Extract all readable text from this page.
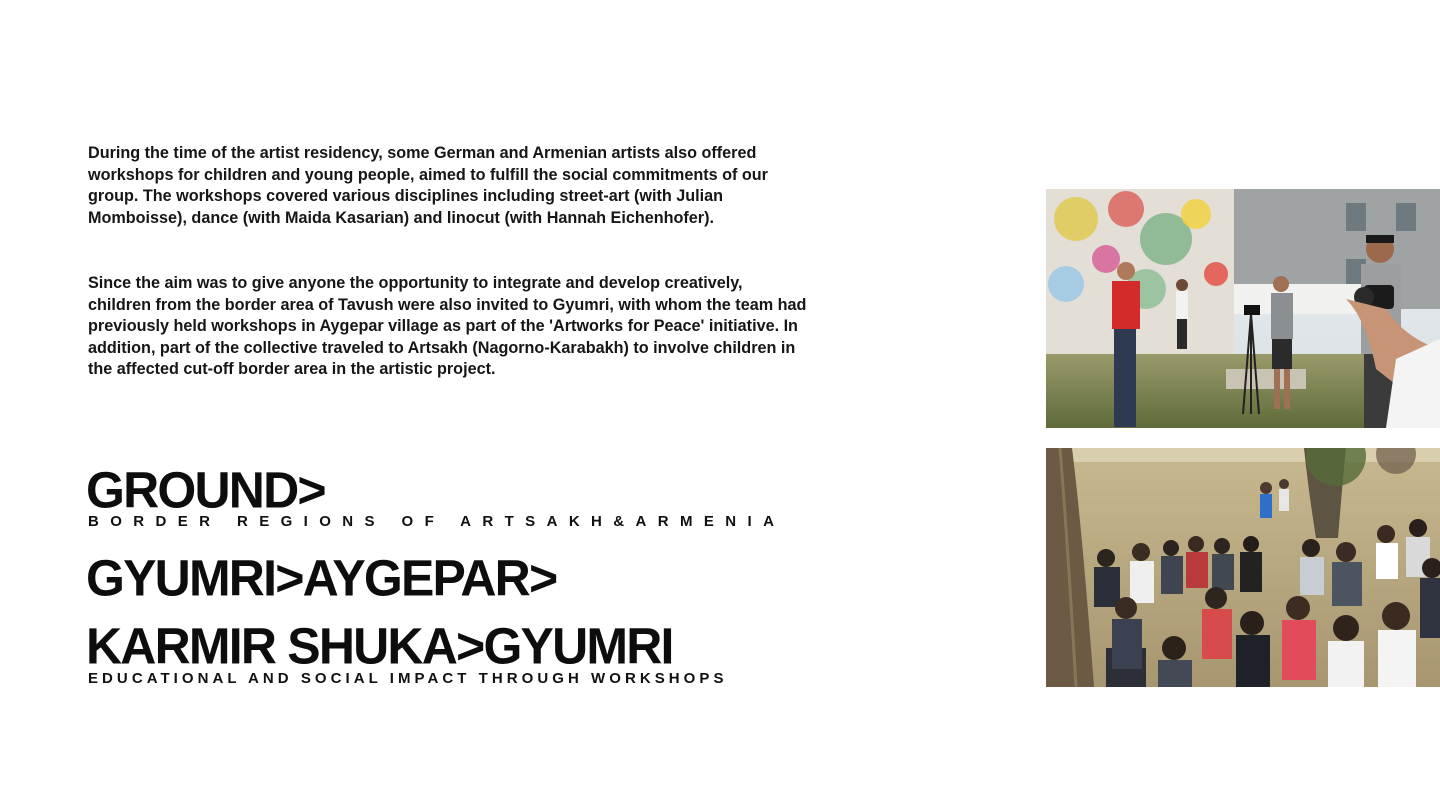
During the time of the artist residency, some German and Armenian artists also offered workshops for children and young people, aimed to fulfill the social commitments of our group. The workshops covered various disciplines including street-art (with Julian Momboisse), dance (with Maida Kasarian) and linocut (with Hannah Eichenhofer).

Since the aim was to give anyone the opportunity to integrate and develop creatively, children from the border area of Tavush were also invited to Gyumri, with whom the team had previously held workshops in Aygepar village as part of the 'Artworks for Peace' initiative. In addition, part of the collective traveled to Artsakh (Nagorno-Karabakh) to involve children in the affected cut-off border area in the artistic project.

GROUND>
BORDER REGIONS OF ARTSAKH&ARMENIA
GYUMRI>AYGEPAR>
KARMIR SHUKA>GYUMRI
EDUCATIONAL AND SOCIAL IMPACT THROUGH WORKSHOPS
